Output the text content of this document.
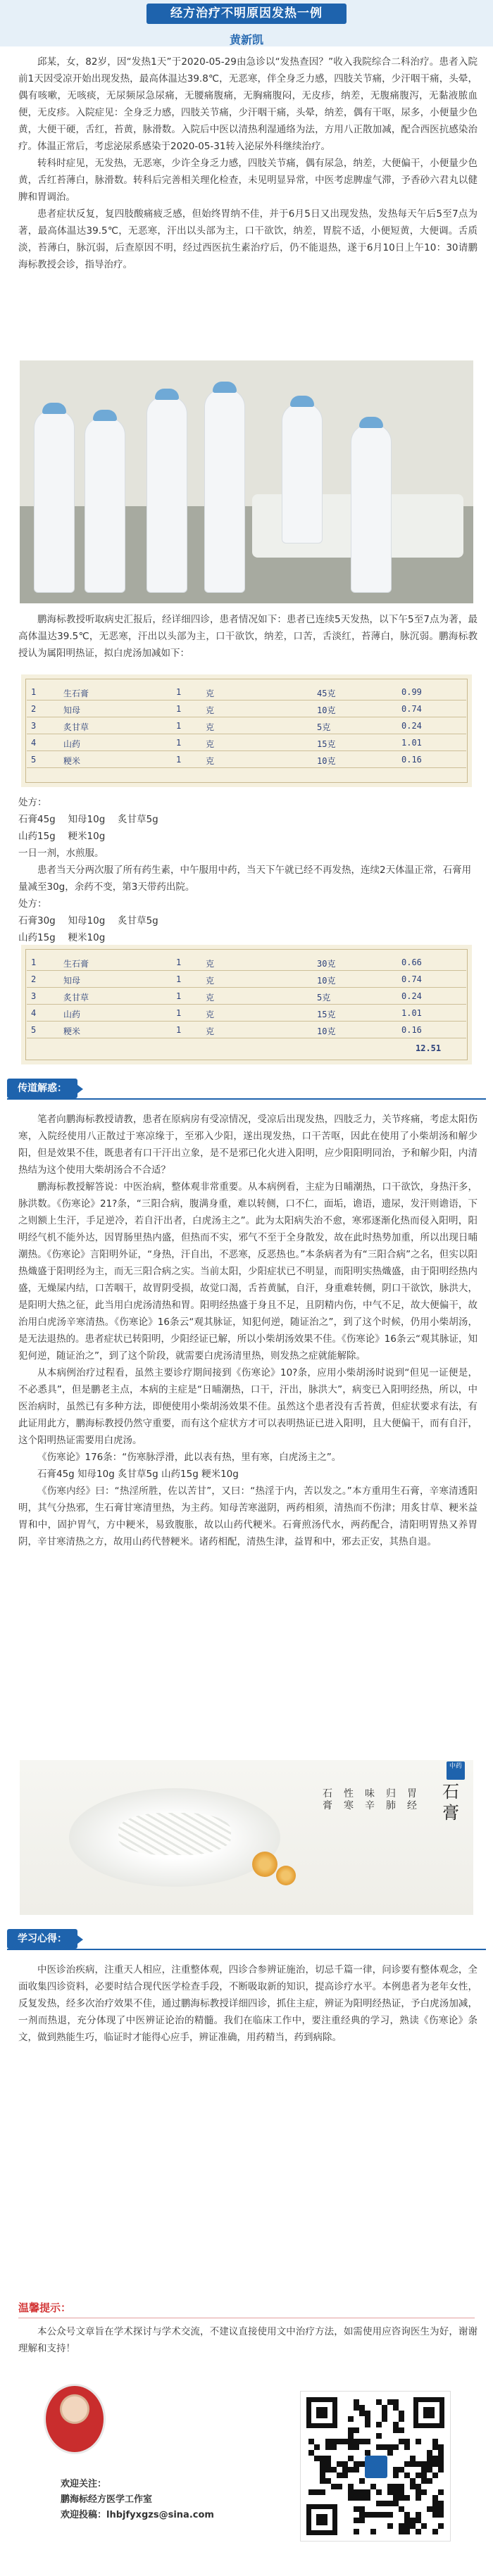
经方治疗不明原因发热一例
黄新凯

邱某，女，82岁，因“发热1天”于2020-05-29由急诊以“发热查因？”收入我院综合二科治疗。患者入院前1天因受凉开始出现发热，最高体温达39.8℃，无恶寒，伴全身乏力感，四肢关节痛，少汗咽干痛，头晕，偶有咳嗽，无咳痰，无尿频尿急尿痛，无腰痛腹痛，无胸痛腹闷，无皮疹，纳差，无腹痛腹泻，无黏液脓血便，无皮疹。入院症见：全身乏力感，四肢关节痛，少汗咽干痛，头晕，纳差，偶有干呕，尿多，小便量少色黄，大便干硬，舌红，苔黄，脉滑数。入院后中医以清热利湿通络为法，方用八正散加减，配合西医抗感染治疗。体温正常后，考虑泌尿系感染于2020-05-31转入泌尿外科继续治疗。

转科时症见，无发热，无恶寒，少许全身乏力感，四肢关节痛，偶有尿急，纳差，大便偏干，小便量少色黄，舌红苔薄白，脉滑数。转科后完善相关理化检查，未见明显异常，中医考虑脾虚气滞，予香砂六君丸以健脾和胃调治。

患者症状反复，复四肢酸痛疲乏感，但始终胃纳不佳，并于6月5日又出现发热，发热每天午后5至7点为著，最高体温达39.5℃，无恶寒，汗出以头部为主，口干欲饮，纳差，胃脘不适，小便短黄，大便调。舌质淡，苔薄白，脉沉弱，后查原因不明，经过西医抗生素治疗后，仍不能退热，遂于6月10日上午10：30请鹏海标教授会诊，指导治疗。

鹏海标教授听取病史汇报后，经详细四诊，患者情况如下：患者已连续5天发热，以下午5至7点为著，最高体温达39.5℃，无恶寒，汗出以头部为主，口干欲饮，纳差，口苦，舌淡红，苔薄白，脉沉弱。鹏海标教授认为属阳明热证，拟白虎汤加减如下：

1	生石膏	1	克	45克	0.99
2	知母	1	克	10克	0.74
3	炙甘草	1	克	5克	0.24
4	山药	1	克	15克	1.01
5	粳米	1	克	10克	0.16
处方：
石膏45g　 知母10g　 炙甘草5g
山药15g　 粳米10g
一日一剂，水煎服。
患者当天分两次服了所有药生素，中午服用中药，当天下午就已经不再发热，连续2天体温正常，石膏用量减至30g，余药不变，第3天带药出院。
处方：
石膏30g　 知母10g　 炙甘草5g
山药15g　 粳米10g
1	生石膏	1	克	30克	0.66
2	知母	1	克	10克	0.74
3	炙甘草	1	克	5克	0.24
4	山药	1	克	15克	1.01
5	粳米	1	克	10克	0.16
12.51
传道解惑：

笔者向鹏海标教授请教，患者在原病房有受凉情况，受凉后出现发热，四肢乏力，关节疼痛，考虑太阳伤寒，入院经使用八正散过于寒凉缘于，至邪入少阳，遂出现发热，口干苦呕，因此在使用了小柴胡汤和解少阳，但是效果不佳，既患者有口干汗出立象，是不是邪已化火进入阳明，应少阳阳明同治，予和解少阳，内清热结为这个使用大柴胡汤合不合适？

鹏海标教授解答说：中医治病，整体观非常重要。从本病例看，主症为日晡潮热，口干欲饮，身热汗多，脉洪数。《伤寒论》21?条，“三阳合病，腹满身重，难以转侧，口不仁，面垢，谵语，遗尿，发汗则谵语，下之则额上生汗，手足逆冷，若自汗出者，白虎汤主之”。此为太阳病失治不愈，寒邪逐渐化热而侵入阳明，阳明经气机不能外达，因胃肠里热内盛，但热而不实，邪气不至于全身散发，故在此时热势加重，所以出现日晡潮热。《伤寒论》言阳明外证，“身热，汗自出，不恶寒，反恶热也。”本条病者为有“三阳合病”之名，但实以阳热熾盛于阳明经为主，而无三阳合病之实。当前太阳，少阳症状已不明显，而阳明实热熾盛，由于阳明经热内盛，无燥屎内结，口苦咽干，故胃阴受损，故觉口渴，舌苔黄腻，自汗，身重难转侧，阴口干欲饮，脉洪大，是阳明大热之征，此当用白虎汤清热和胃。阳明经热盛于身且不足，且阴精内伤，中气不足，故大便偏干，故治用白虎汤辛寒清热。《伤寒论》16条云“观其脉证，知犯何逆，随证治之”，到了这个时候，仍用小柴胡汤，是无法退热的。患者症状已转阳明，少阳经证已解，所以小柴胡汤效果不佳。《伤寒论》16条云“观其脉证，知犯何逆，随证治之”，到了这个阶段，就需要白虎汤清里热，则发热之症就能解除。

从本病例治疗过程看，虽然主要诊疗期间接到《伤寒论》10?条，应用小柴胡汤时说到“但见一证便是，不必悉具”，但是鹏老主点，本病的主症是“日晡潮热，口干，汗出，脉洪大”，病变已入阳明经热，所以，中医治病时，虽然已有多种方法，即便使用小柴胡汤效果不佳。虽然这个患者没有舌苔黄，但症状要求有法，有此证用此方，鹏海标教授仍然守重要，而有这个症状方才可以表明热证已进入阳明，且大便偏干，而有自汗，这个阳明热证需要用白虎汤。

《伤寒论》176条：“伤寒脉浮滑，此以表有热，里有寒，白虎汤主之”。

石膏45g 知母10g 炙甘草5g 山药15g 粳米10g

《伤寒内经》曰：“热淫所胜，佐以苦甘”，又曰：“热淫于内，苦以发之。”本方重用生石膏，辛寒清透阳明，其气分热邪，生石膏甘寒清里热，为主药。知母苦寒滋阴，两药相须，清热而不伤津；用炙甘草、粳米益胃和中，固护胃气，方中粳米，易致腹胀，故以山药代粳米。石膏煎汤代水，两药配合，清阳明胃热又养胃阴，辛甘寒清热之方，故用山药代替粳米。诸药相配，清热生津，益胃和中，邪去正安，其热自退。

石膏
性寒
味辛
归肺
胃经
中药
石膏
学习心得：

中医诊治疾病，注重天人相应，注重整体观，四诊合参辨证施治，切忌千篇一律，问诊要有整体观念，全面收集四诊资料，必要时结合现代医学检查手段，不断吸取新的知识，提高诊疗水平。本例患者为老年女性，反复发热，经多次治疗效果不佳，通过鹏海标教授详细四诊，抓住主症，辨证为阳明经热证，予白虎汤加减，一剂而热退，充分体现了中医辨证论治的精髓。我们在临床工作中，要注重经典的学习，熟读《伤寒论》条文，做到熟能生巧，临证时才能得心应手，辨证准确，用药精当，药到病除。

温馨提示：

本公众号文章旨在学术探讨与学术交流，不建议直接使用文中治疗方法，如需使用应咨询医生为好，谢谢理解和支持！

欢迎关注：
鹏海标经方医学工作室
欢迎投稿：lhbjfyxgzs@sina.com
